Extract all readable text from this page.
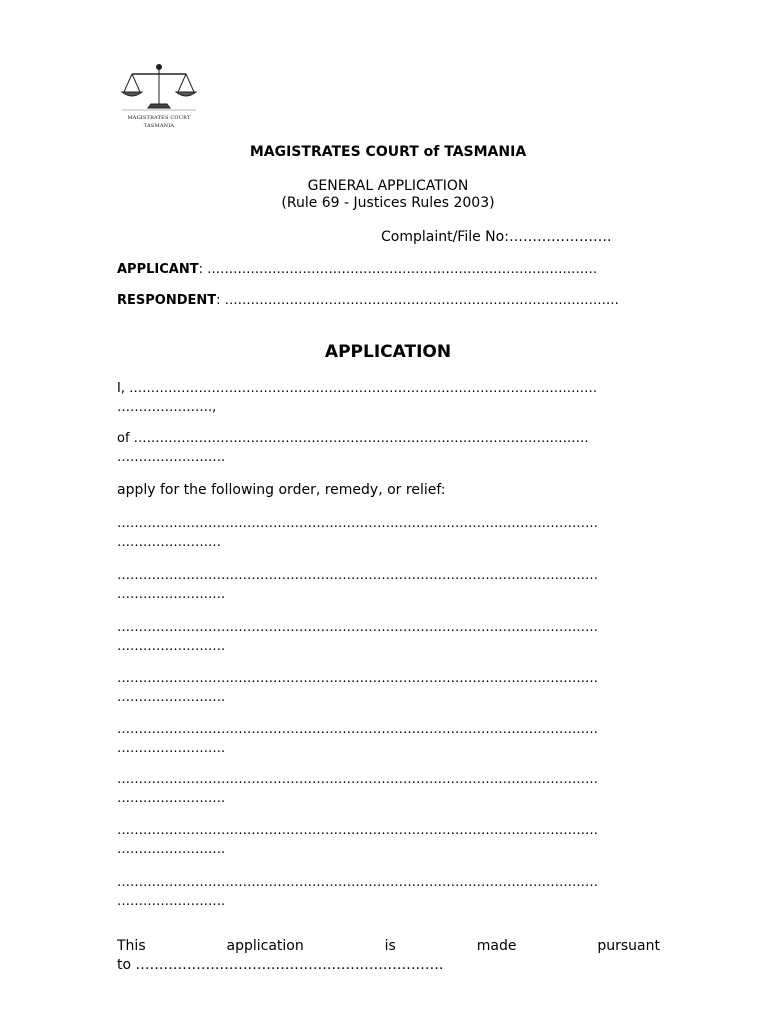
MAGISTRATES COURT
TASMANIA
MAGISTRATES COURT of TASMANIA
GENERAL APPLICATION
(Rule 69 - Justices Rules 2003)
Complaint/File No:………………….
APPLICANT: ………………………………………………………………………………
RESPONDENT: ……………………………………………………………………………….
APPLICATION
I, ………………………………………………………………………………………………
………………….,
of ……………………………………………………………………………………………
…………………….
apply for the following order, remedy, or relief:
…………………………………………………………………………………………………
……………………
…………………………………………………………………………………………………
…………………….
…………………………………………………………………………………………………
…………………….
…………………………………………………………………………………………………
…………………….
…………………………………………………………………………………………………
…………………….
…………………………………………………………………………………………………
…………………….
…………………………………………………………………………………………………
…………………….
…………………………………………………………………………………………………
…………………….
This	application	is	made	pursuant
to …………………………………………………………
